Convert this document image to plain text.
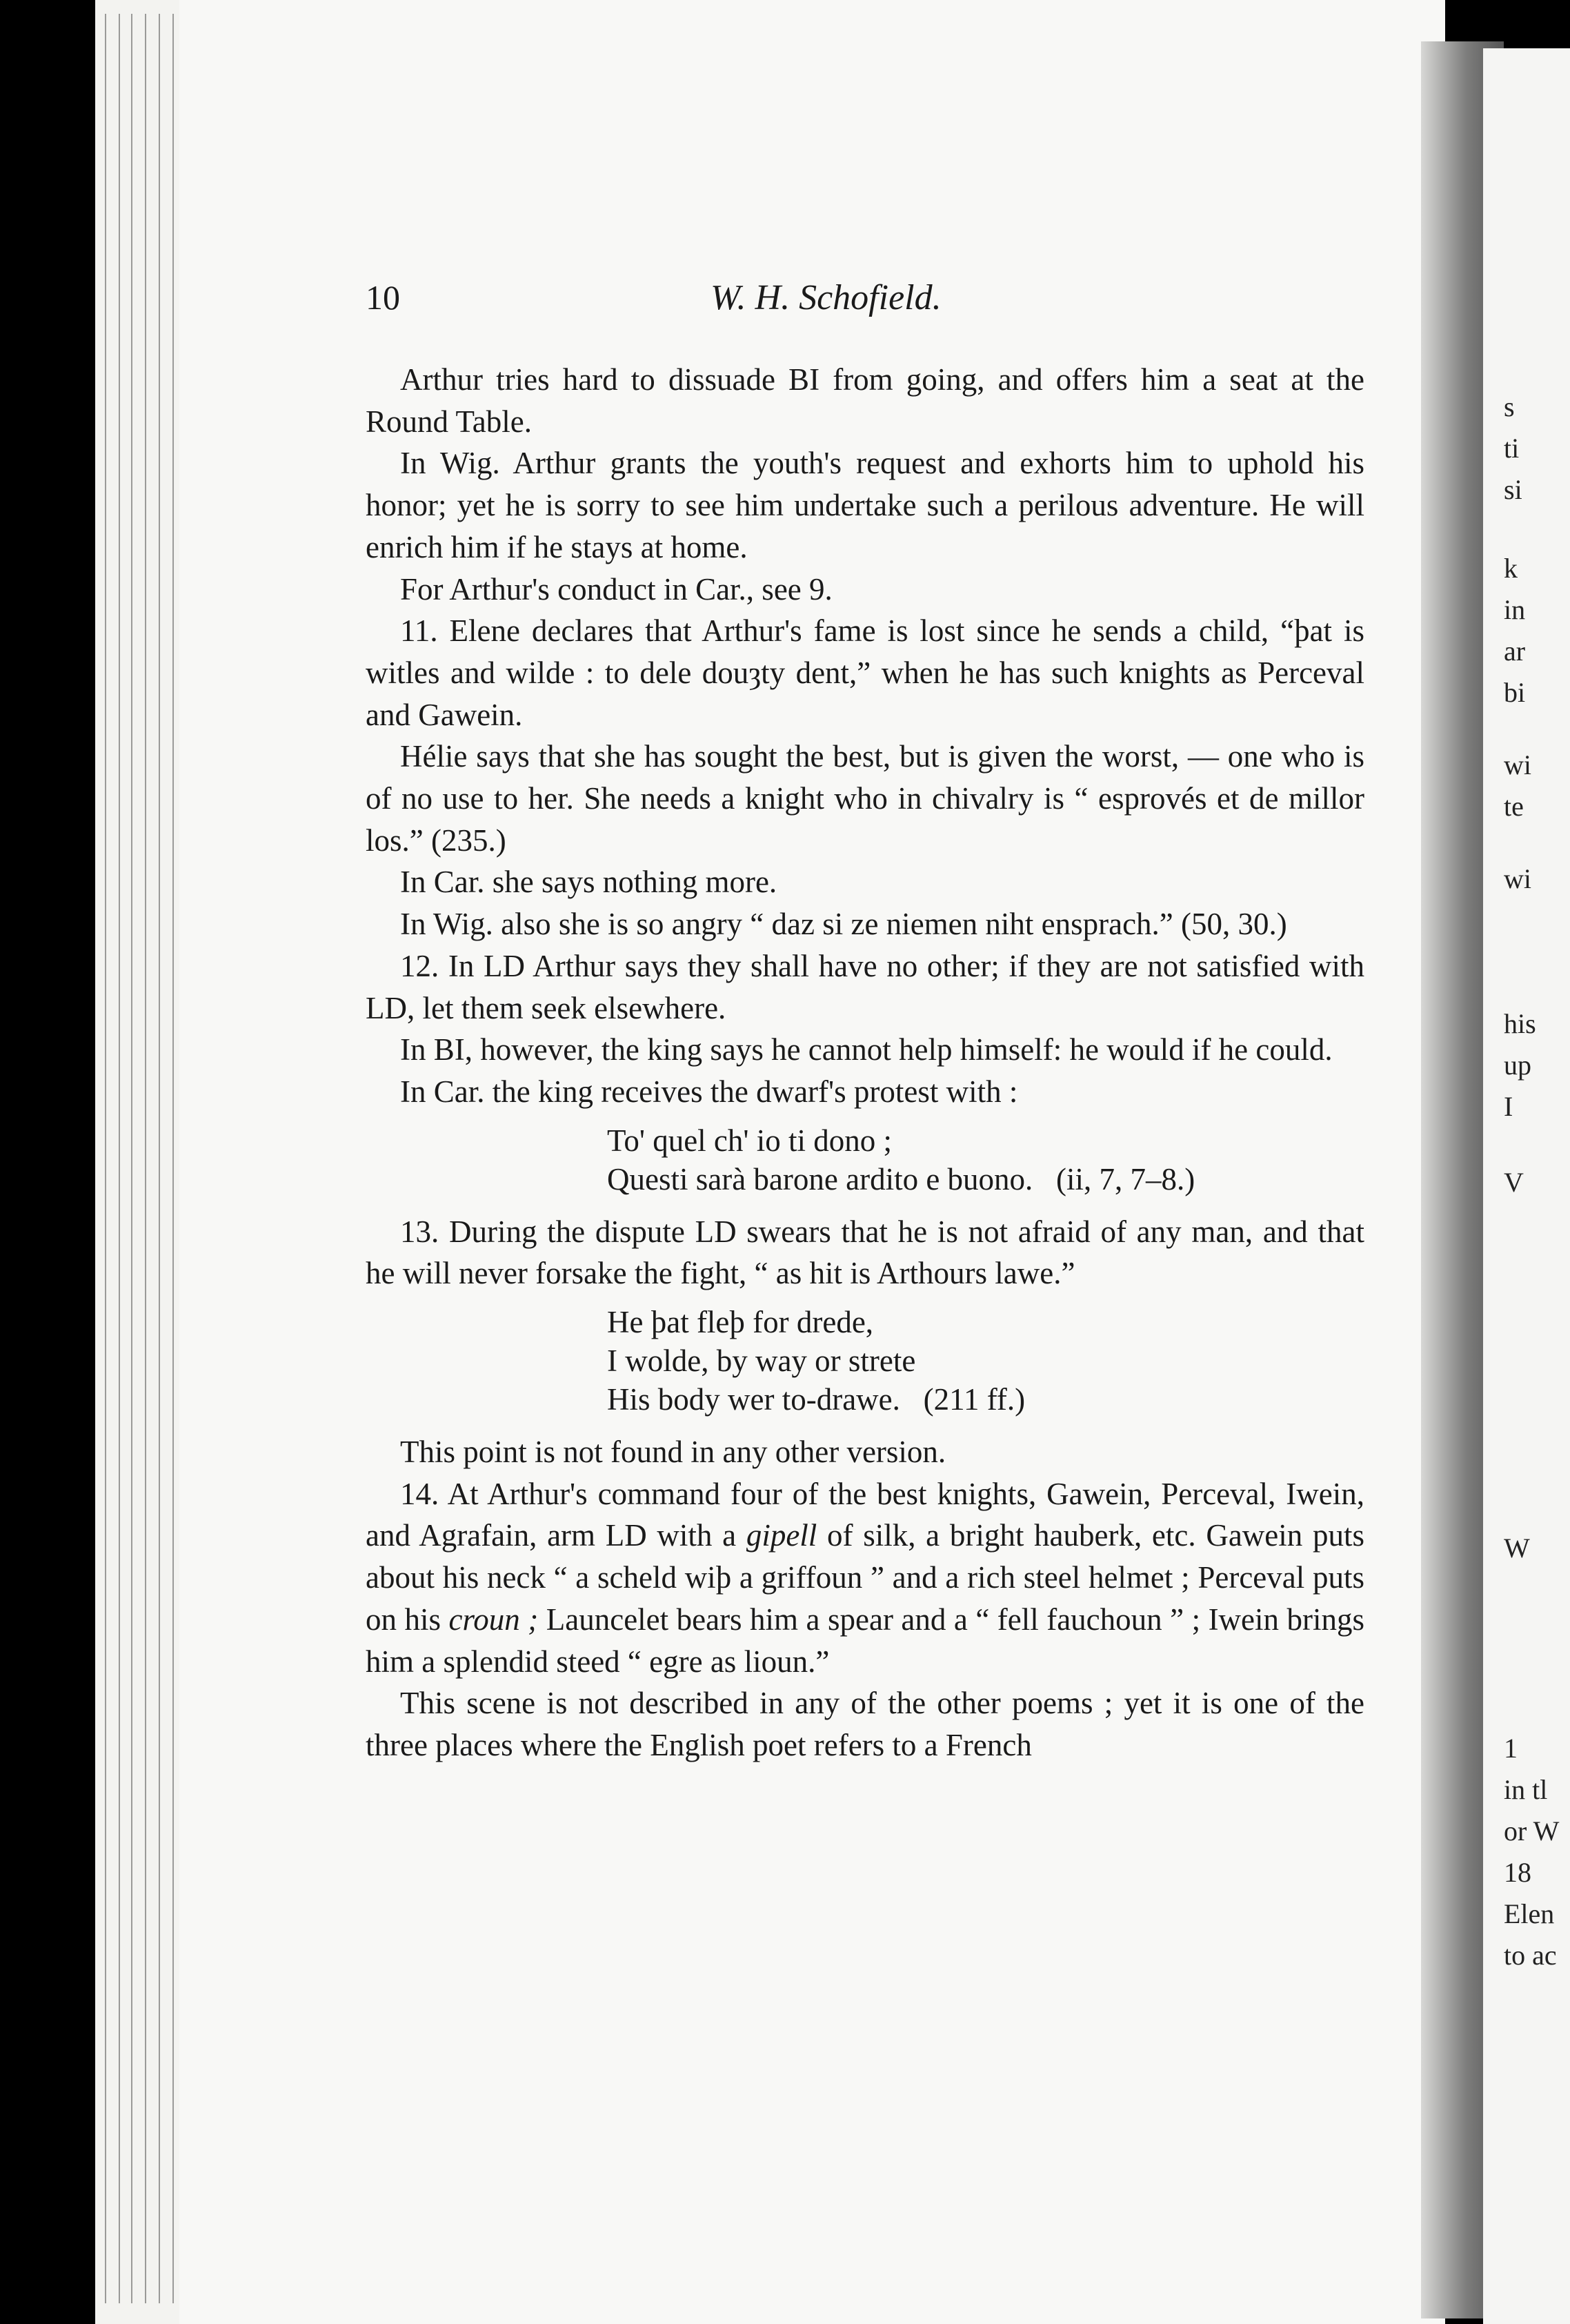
s
ti
si
k
in
ar
bi
wi
te
wi
his
up
I
V
W
1
in tl
or W
18
Elen
to ac
10	W. H. Schofield.

Arthur tries hard to dissuade BI from going, and offers him a seat at the Round Table.

In Wig. Arthur grants the youth's request and exhorts him to uphold his honor; yet he is sorry to see him undertake such a perilous adventure. He will enrich him if he stays at home.

For Arthur's conduct in Car., see 9.

11. Elene declares that Arthur's fame is lost since he sends a child, “þat is witles and wilde : to dele douȝty dent,” when he has such knights as Perceval and Gawein.

Hélie says that she has sought the best, but is given the worst, — one who is of no use to her. She needs a knight who in chivalry is “ esprovés et de millor los.” (235.)

In Car. she says nothing more.

In Wig. also she is so angry “ daz si ze niemen niht ensprach.” (50, 30.)

12. In LD Arthur says they shall have no other; if they are not satisfied with LD, let them seek elsewhere.

In BI, however, the king says he cannot help himself: he would if he could.

In Car. the king receives the dwarf's protest with :

To' quel ch' io ti dono ;
Questi sarà barone ardito e buono.   (ii, 7, 7–8.)

13. During the dispute LD swears that he is not afraid of any man, and that he will never forsake the fight, “ as hit is Arthours lawe.”

He þat fleþ for drede,
I wolde, by way or strete
His body wer to-drawe.   (211 ff.)

This point is not found in any other version.

14. At Arthur's command four of the best knights, Gawein, Perceval, Iwein, and Agrafain, arm LD with a gipell of silk, a bright hauberk, etc. Gawein puts about his neck “ a scheld wiþ a griffoun ” and a rich steel helmet ; Perceval puts on his croun ; Launcelet bears him a spear and a “ fell fauchoun ” ; Iwein brings him a splendid steed “ egre as lioun.”

This scene is not described in any of the other poems ; yet it is one of the three places where the English poet refers to a French
